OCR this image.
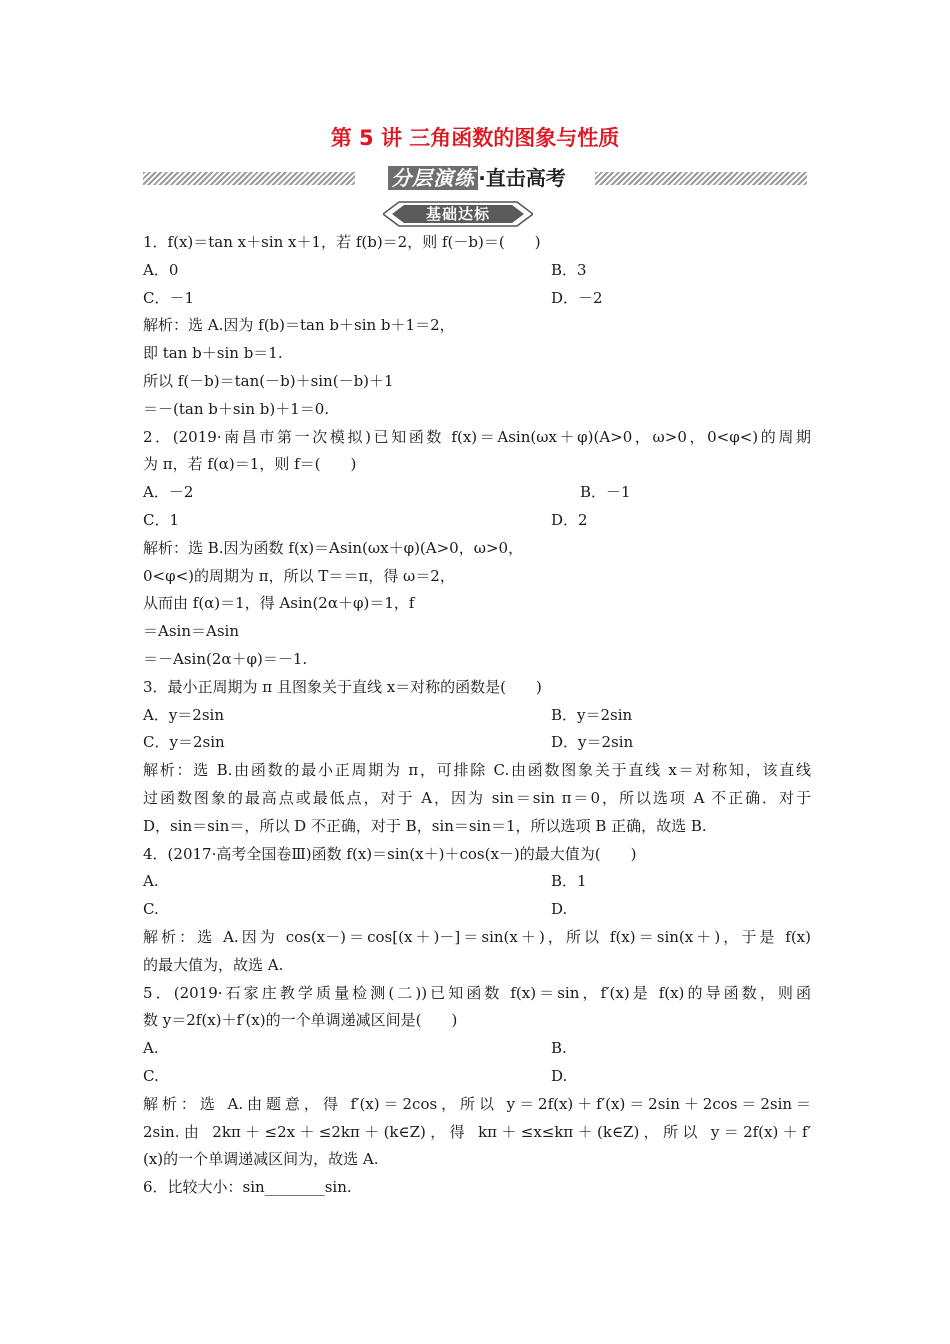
第 5 讲 三角函数的图象与性质
分层演练 ·直击高考
基础达标
1．f(x)＝tan x＋sin x＋1，若 f(b)＝2，则 f(－b)＝(　　)
A．0	B．3
C．－1	D．－2
解析：选 A.因为 f(b)＝tan b＋sin b＋1＝2，
即 tan b＋sin b＝1.
所以 f(－b)＝tan(－b)＋sin(－b)＋1
＝－(tan b＋sin b)＋1＝0.
2．(2019·南昌市第一次模拟)已知函数 f(x)＝Asin(ωx＋φ)(A>0，ω>0，0<φ<)的周期
为 π，若 f(α)＝1，则 f＝(　　)
A．－2	B．－1
C．1	D．2
解析：选 B.因为函数 f(x)＝Asin(ωx＋φ)(A>0，ω>0，
0<φ<)的周期为 π，所以 T＝＝π，得 ω＝2，
从而由 f(α)＝1，得 Asin(2α＋φ)＝1，f
＝Asin＝Asin
＝－Asin(2α＋φ)＝－1.
3．最小正周期为 π 且图象关于直线 x＝对称的函数是(　　)
A．y＝2sin	B．y＝2sin
C．y＝2sin	D．y＝2sin
解析：选 B.由函数的最小正周期为 π，可排除 C.由函数图象关于直线 x＝对称知，该直线
过函数图象的最高点或最低点，对于 A，因为 sin＝sin π＝0，所以选项 A 不正确．对于
D，sin＝sin＝，所以 D 不正确，对于 B，sin＝sin＝1，所以选项 B 正确，故选 B.
4．(2017·高考全国卷Ⅲ)函数 f(x)＝sin(x＋)＋cos(x－)的最大值为(　　)
A.	B．1
C.	D.
解析：选 A.因为 cos(x－)＝cos[(x＋)－]＝sin(x＋)，所以 f(x)＝sin(x＋)，于是 f(x)
的最大值为，故选 A.
5．(2019·石家庄教学质量检测(二))已知函数 f(x)＝sin，f′(x)是 f(x)的导函数，则函
数 y＝2f(x)＋f′(x)的一个单调递减区间是(　　)
A.	B.
C.	D.
解析：选 A.由题意，得 f′(x)＝2cos，所以 y＝2f(x)＋f′(x)＝2sin＋2cos＝2sin＝
2sin.由 2kπ＋≤2x＋≤2kπ＋(k∈Z)，得 kπ＋≤x≤kπ＋(k∈Z)，所以 y＝2f(x)＋f′
(x)的一个单调递减区间为，故选 A.
6．比较大小：sin________sin.
